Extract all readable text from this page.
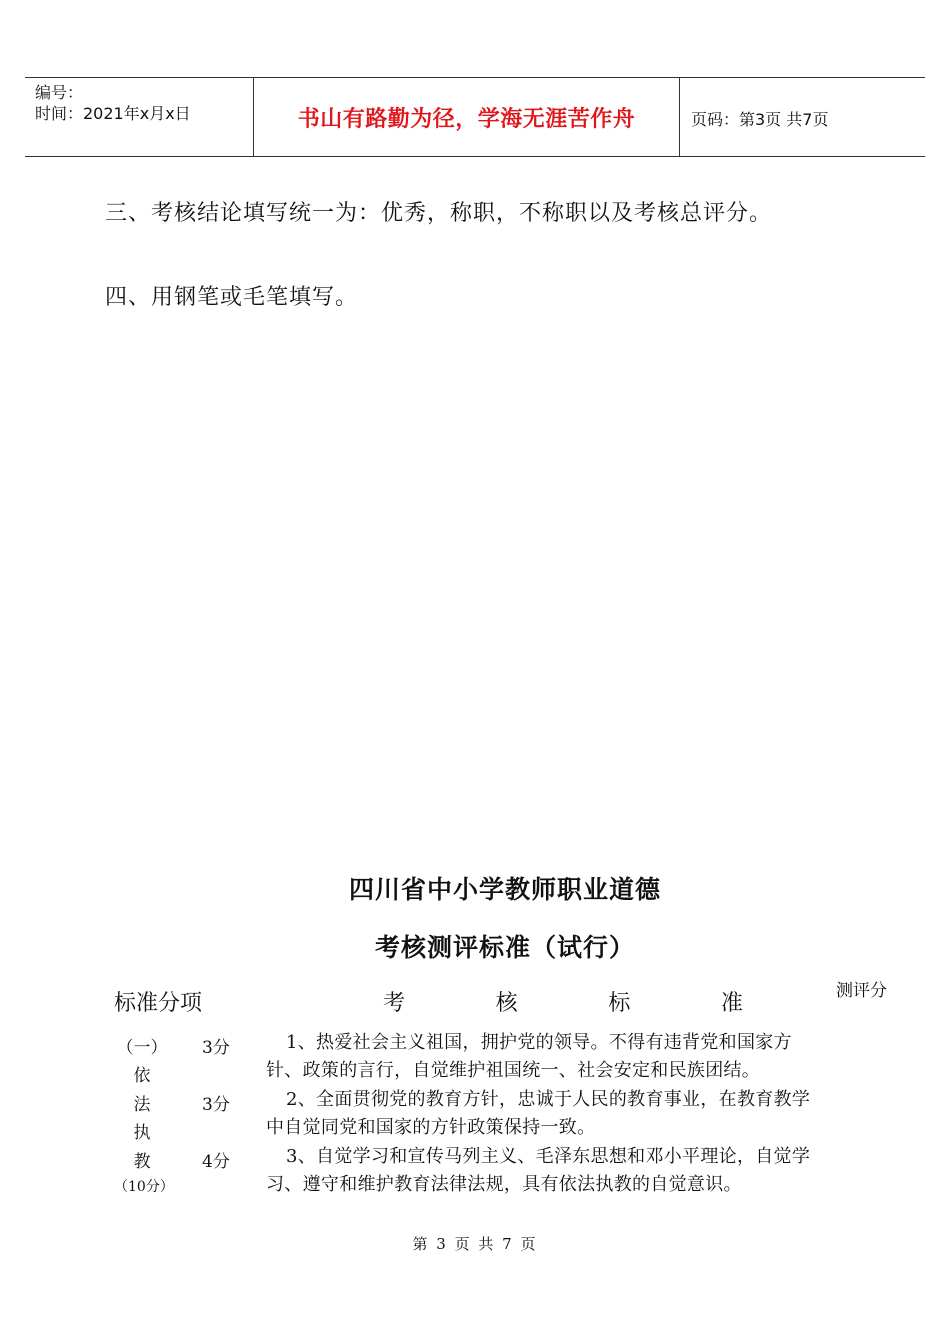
编号：
时间：2021年x月x日	书山有路勤为径，学海无涯苦作舟	页码：第3页 共7页
三、考核结论填写统一为：优秀，称职，不称职以及考核总评分。
四、用钢笔或毛笔填写。
四川省中小学教师职业道德
考核测评标准（试行）
标准分项	考	核	标	准	测评分
（一）
依
法
执
教
（10分）
3分	1、热爱社会主义祖国，拥护党的领导。不得有违背党和国家方针、政策的言行，自觉维护祖国统一、社会安定和民族团结。
3分	2、全面贯彻党的教育方针，忠诚于人民的教育事业，在教育教学中自觉同党和国家的方针政策保持一致。
4分	3、自觉学习和宣传马列主义、毛泽东思想和邓小平理论，自觉学习、遵守和维护教育法律法规，具有依法执教的自觉意识。
第 3 页 共 7 页
